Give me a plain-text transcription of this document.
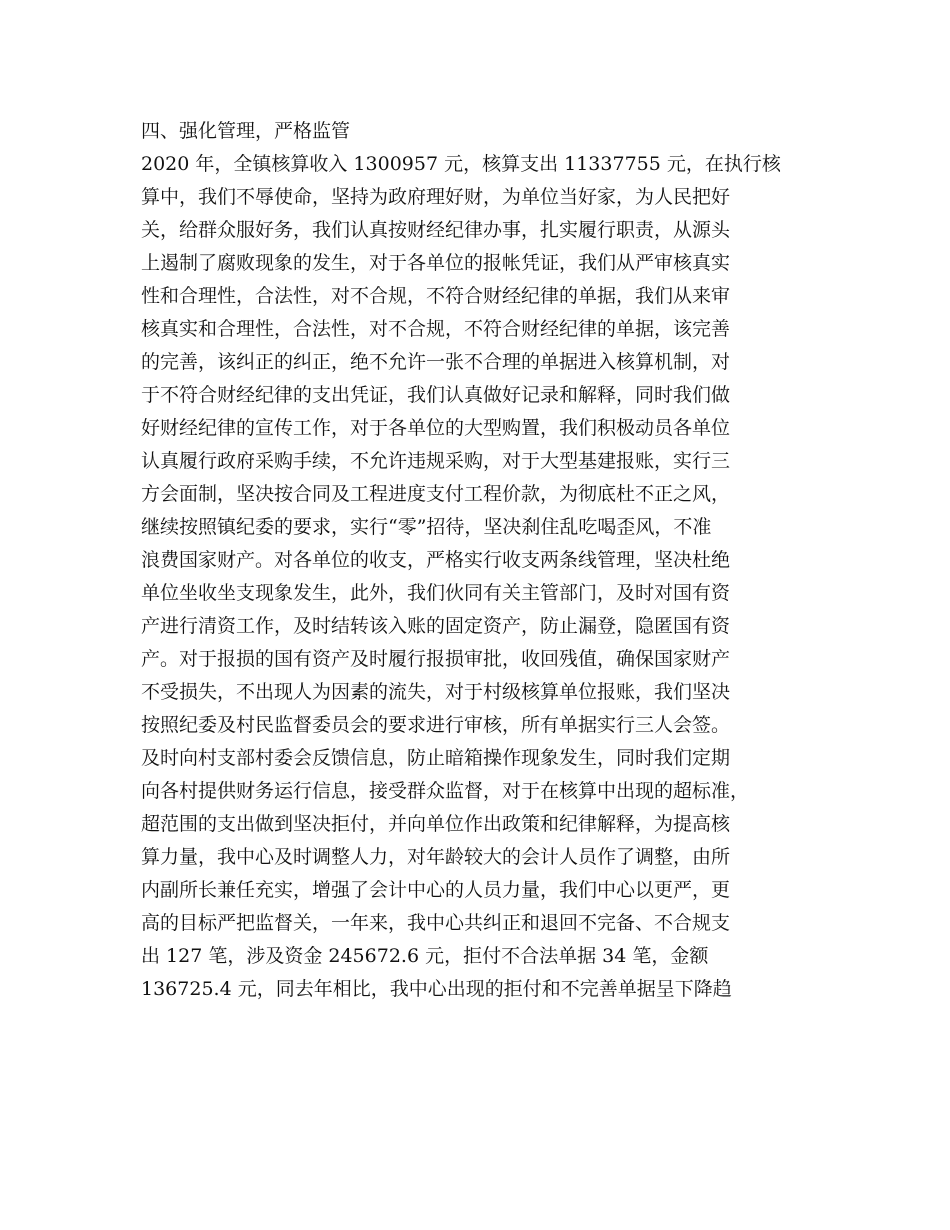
四、强化管理，严格监管

2020 年，全镇核算收入 1300957 元，核算支出 11337755 元，在执行核

算中，我们不辱使命，坚持为政府理好财，为单位当好家，为人民把好

关，给群众服好务，我们认真按财经纪律办事，扎实履行职责，从源头

上遏制了腐败现象的发生，对于各单位的报帐凭证，我们从严审核真实

性和合理性，合法性，对不合规，不符合财经纪律的单据，我们从来审

核真实和合理性，合法性，对不合规，不符合财经纪律的单据，该完善

的完善，该纠正的纠正，绝不允许一张不合理的单据进入核算机制，对

于不符合财经纪律的支出凭证，我们认真做好记录和解释，同时我们做

好财经纪律的宣传工作，对于各单位的大型购置，我们积极动员各单位

认真履行政府采购手续，不允许违规采购，对于大型基建报账，实行三

方会面制，坚决按合同及工程进度支付工程价款，为彻底杜不正之风，

继续按照镇纪委的要求，实行“零”招待，坚决刹住乱吃喝歪风，不准

浪费国家财产。对各单位的收支，严格实行收支两条线管理，坚决杜绝

单位坐收坐支现象发生，此外，我们伙同有关主管部门，及时对国有资

产进行清资工作，及时结转该入账的固定资产，防止漏登，隐匿国有资

产。对于报损的国有资产及时履行报损审批，收回残值，确保国家财产

不受损失，不出现人为因素的流失，对于村级核算单位报账，我们坚决

按照纪委及村民监督委员会的要求进行审核，所有单据实行三人会签。

及时向村支部村委会反馈信息，防止暗箱操作现象发生，同时我们定期

向各村提供财务运行信息，接受群众监督，对于在核算中出现的超标准，

超范围的支出做到坚决拒付，并向单位作出政策和纪律解释，为提高核

算力量，我中心及时调整人力，对年龄较大的会计人员作了调整，由所

内副所长兼任充实，增强了会计中心的人员力量，我们中心以更严，更

高的目标严把监督关，一年来，我中心共纠正和退回不完备、不合规支

出 127 笔，涉及资金 245672.6 元，拒付不合法单据 34 笔，金额

136725.4 元，同去年相比，我中心出现的拒付和不完善单据呈下降趋
